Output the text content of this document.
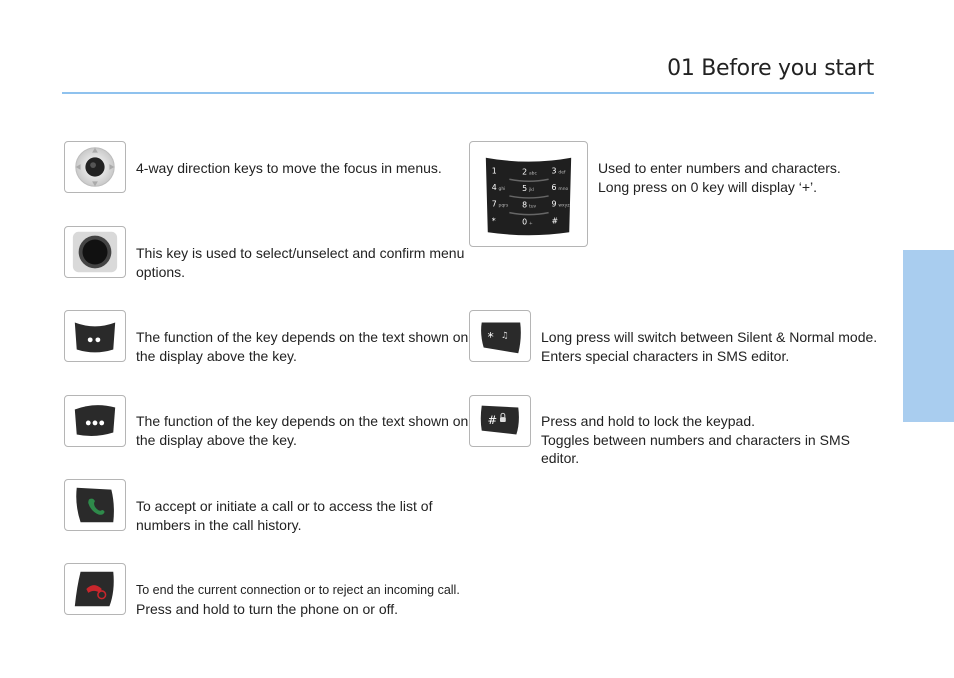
01 Before you start
4-way direction keys to move the focus in menus.
This key is used to select/unselect and confirm menu
options.
The function of the key depends on the text shown on
the display above the key.
The function of the key depends on the text shown on
the display above the key.
To accept or initiate a call or to access the list of
numbers in the call history.
To end the current connection or to reject an incoming call.
Press and hold to turn the phone on or off.
1	2	3
4	5	6
7	8	9
*	0	#

abc	def
ghi	jkl	mno
pqrs	tuv	wxyz
+
Used to enter numbers and characters.
Long press on 0 key will display ‘+’.
* ♫ Long press will switch between Silent & Normal mode.
Enters special characters in SMS editor.
#	Press and hold to lock the keypad.
Toggles between numbers and characters in SMS
editor.
